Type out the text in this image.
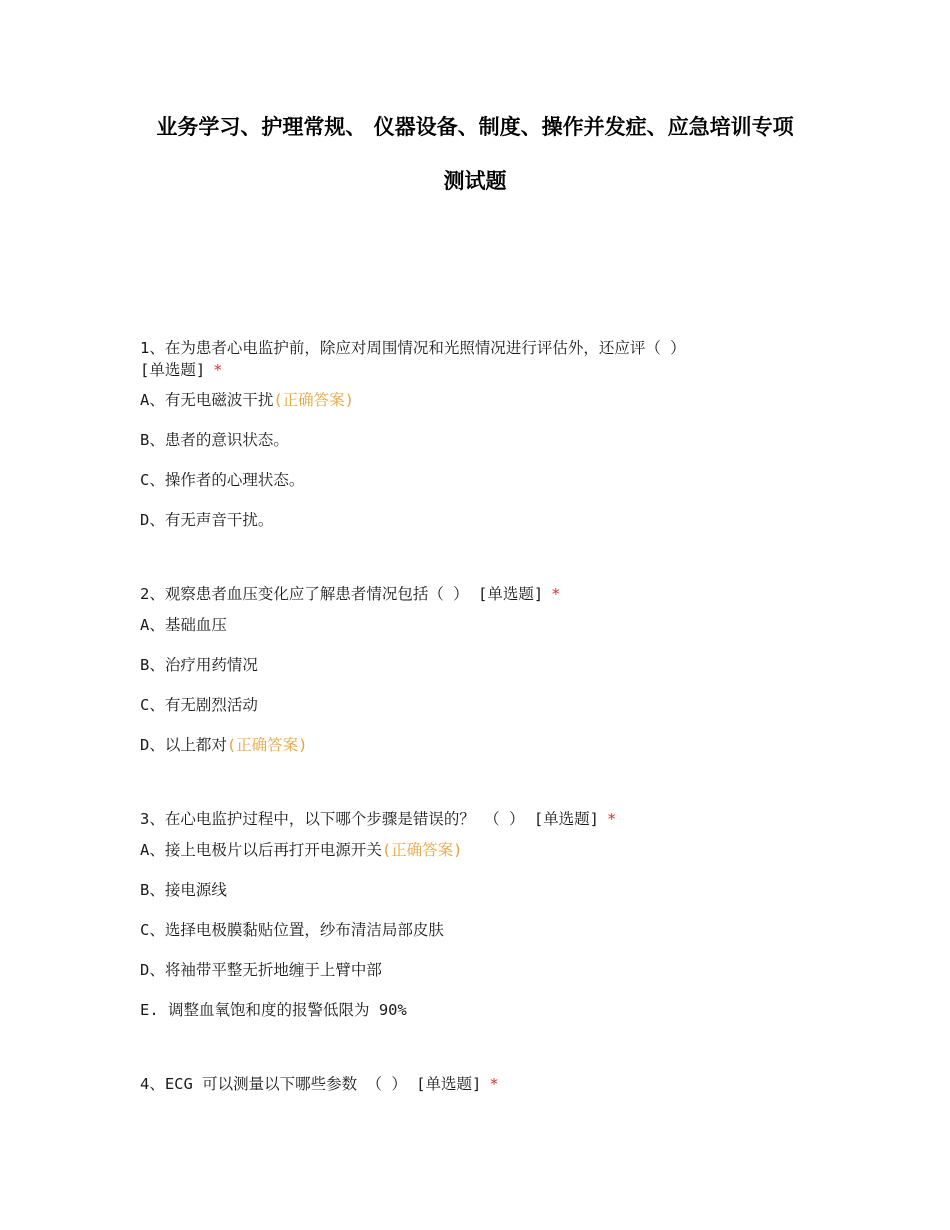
业务学习、护理常规、 仪器设备、制度、操作并发症、应急培训专项
测试题
1、在为患者心电监护前，除应对周围情况和光照情况进行评估外，还应评（ ）
[单选题] *
A、有无电磁波干扰(正确答案)
B、患者的意识状态。
C、操作者的心理状态。
D、有无声音干扰。
2、观察患者血压变化应了解患者情况包括（ ） [单选题] *
A、基础血压
B、治疗用药情况
C、有无剧烈活动
D、以上都对(正确答案)
3、在心电监护过程中，以下哪个步骤是错误的？ （ ） [单选题] *
A、接上电极片以后再打开电源开关(正确答案)
B、接电源线
C、选择电极膜黏贴位置，纱布清洁局部皮肤
D、将袖带平整无折地缠于上臂中部
E. 调整血氧饱和度的报警低限为 90%
4、ECG 可以测量以下哪些参数 （ ） [单选题] *
